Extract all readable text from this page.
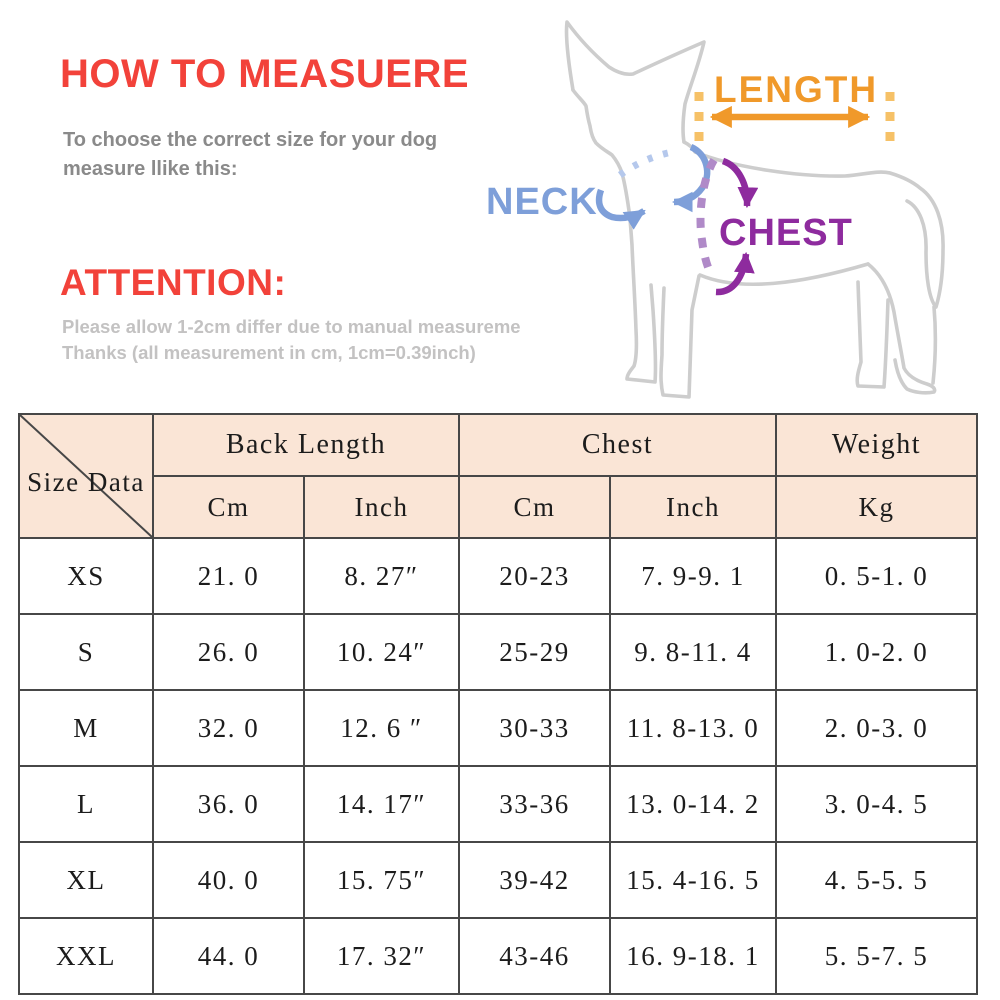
HOW TO MEASUERE
To choose the correct size for your dog
measure llike this:
ATTENTION:
Please allow 1-2cm differ due to manual measureme
Thanks (all measurement in cm, 1cm=0.39inch)
LENGTH
NECK
CHEST
Size Data	Back Length		Chest		Weight
	Cm	Inch	Cm	Inch	Kg
XS	21. 0	8. 27″	20-23	7. 9-9. 1	0. 5-1. 0
S	26. 0	10. 24″	25-29	9. 8-11. 4	1. 0-2. 0
M	32. 0	12. 6 ″	30-33	11. 8-13. 0	2. 0-3. 0
L	36. 0	14. 17″	33-36	13. 0-14. 2	3. 0-4. 5
XL	40. 0	15. 75″	39-42	15. 4-16. 5	4. 5-5. 5
XXL	44. 0	17. 32″	43-46	16. 9-18. 1	5. 5-7. 5
